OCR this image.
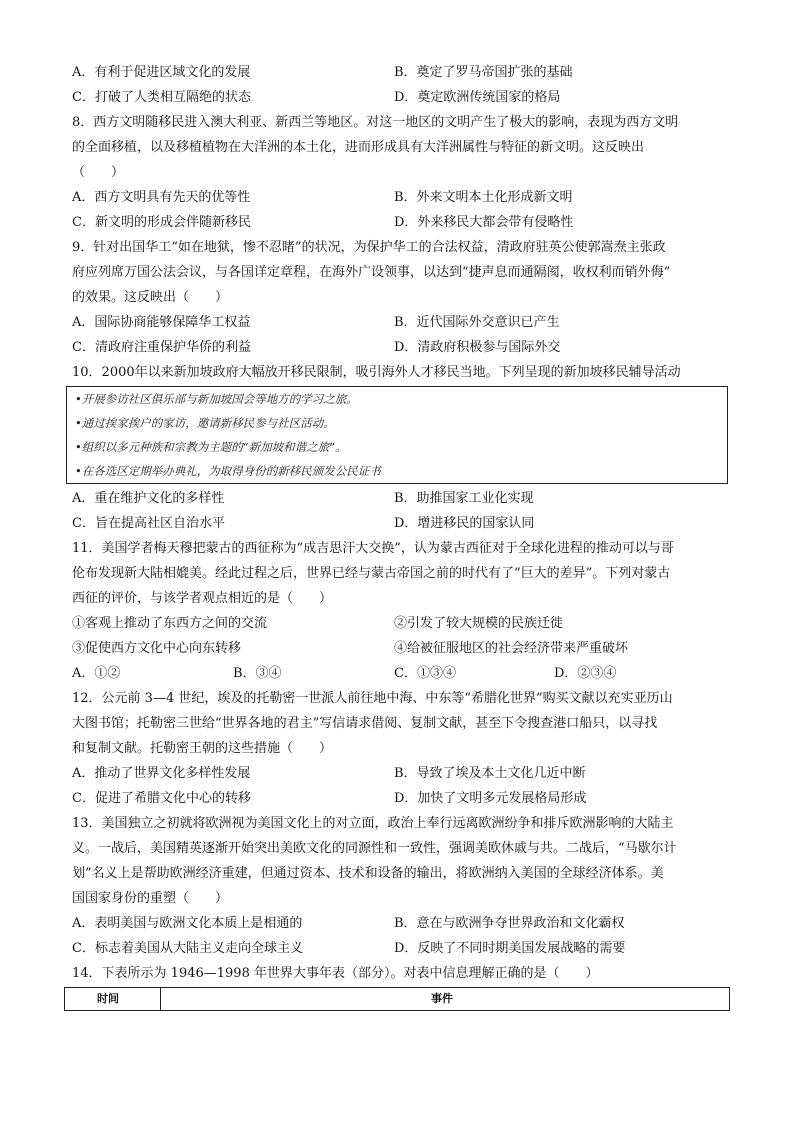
A．有利于促进区域文化的发展	B．奠定了罗马帝国扩张的基础
C．打破了人类相互隔绝的状态	D．奠定欧洲传统国家的格局
8．西方文明随移民进入澳大利亚、新西兰等地区。对这一地区的文明产生了极大的影响，表现为西方文明
的全面移植，以及移植植物在大洋洲的本土化，进而形成具有大洋洲属性与特征的新文明。这反映出
（　　）
A．西方文明具有先天的优等性	B．外来文明本土化形成新文明
C．新文明的形成会伴随新移民	D．外来移民大都会带有侵略性
9．针对出国华工“如在地狱，惨不忍睹”的状况，为保护华工的合法权益，清政府驻英公使郭嵩焘主张政
府应列席万国公法会议，与各国详定章程，在海外广设领事，以达到“捷声息而通隔阂，收权利而销外侮”
的效果。这反映出（　　）
A．国际协商能够保障华工权益	B．近代国际外交意识已产生
C．清政府注重保护华侨的利益	D．清政府积极参与国际外交
10．2000年以来新加坡政府大幅放开移民限制，吸引海外人才移民当地。下列呈现的新加坡移民辅导活动
•开展参访社区俱乐部与新加坡国会等地方的学习之旅。
•通过挨家挨户的家访，邀请新移民参与社区活动。
•组织以多元种族和宗教为主题的“新加坡和谐之旅”。
•在各选区定期举办典礼，为取得身份的新移民颁发公民证书
A．重在维护文化的多样性	B．助推国家工业化实现
C．旨在提高社区自治水平	D．增进移民的国家认同
11．美国学者梅天穆把蒙古的西征称为“成吉思汗大交换”，认为蒙古西征对于全球化进程的推动可以与哥
伦布发现新大陆相媲美。经此过程之后，世界已经与蒙古帝国之前的时代有了“巨大的差异”。下列对蒙古
西征的评价，与该学者观点相近的是（　　）
①客观上推动了东西方之间的交流	②引发了较大规模的民族迁徙
③促使西方文化中心向东转移	④给被征服地区的社会经济带来严重破坏
A．①②	B．③④	C．①③④	D．②③④
12．公元前 3—4 世纪，埃及的托勒密一世派人前往地中海、中东等“希腊化世界”购买文献以充实亚历山
大图书馆；托勒密三世给“世界各地的君主”写信请求借阅、复制文献，甚至下令搜查港口船只，以寻找
和复制文献。托勒密王朝的这些措施（　　）
A．推动了世界文化多样性发展	B．导致了埃及本土文化几近中断
C．促进了希腊文化中心的转移	D．加快了文明多元发展格局形成
13．美国独立之初就将欧洲视为美国文化上的对立面，政治上奉行远离欧洲纷争和排斥欧洲影响的大陆主
义。一战后，美国精英逐渐开始突出美欧文化的同源性和一致性，强调美欧休戚与共。二战后，“马歇尔计
划”名义上是帮助欧洲经济重建，但通过资本、技术和设备的输出，将欧洲纳入美国的全球经济体系。美
国国家身份的重塑（　　）
A．表明美国与欧洲文化本质上是相通的	B．意在与欧洲争夺世界政治和文化霸权
C．标志着美国从大陆主义走向全球主义	D．反映了不同时期美国发展战略的需要
14．下表所示为 1946—1998 年世界大事年表（部分）。对表中信息理解正确的是（　　）
时间	事件
